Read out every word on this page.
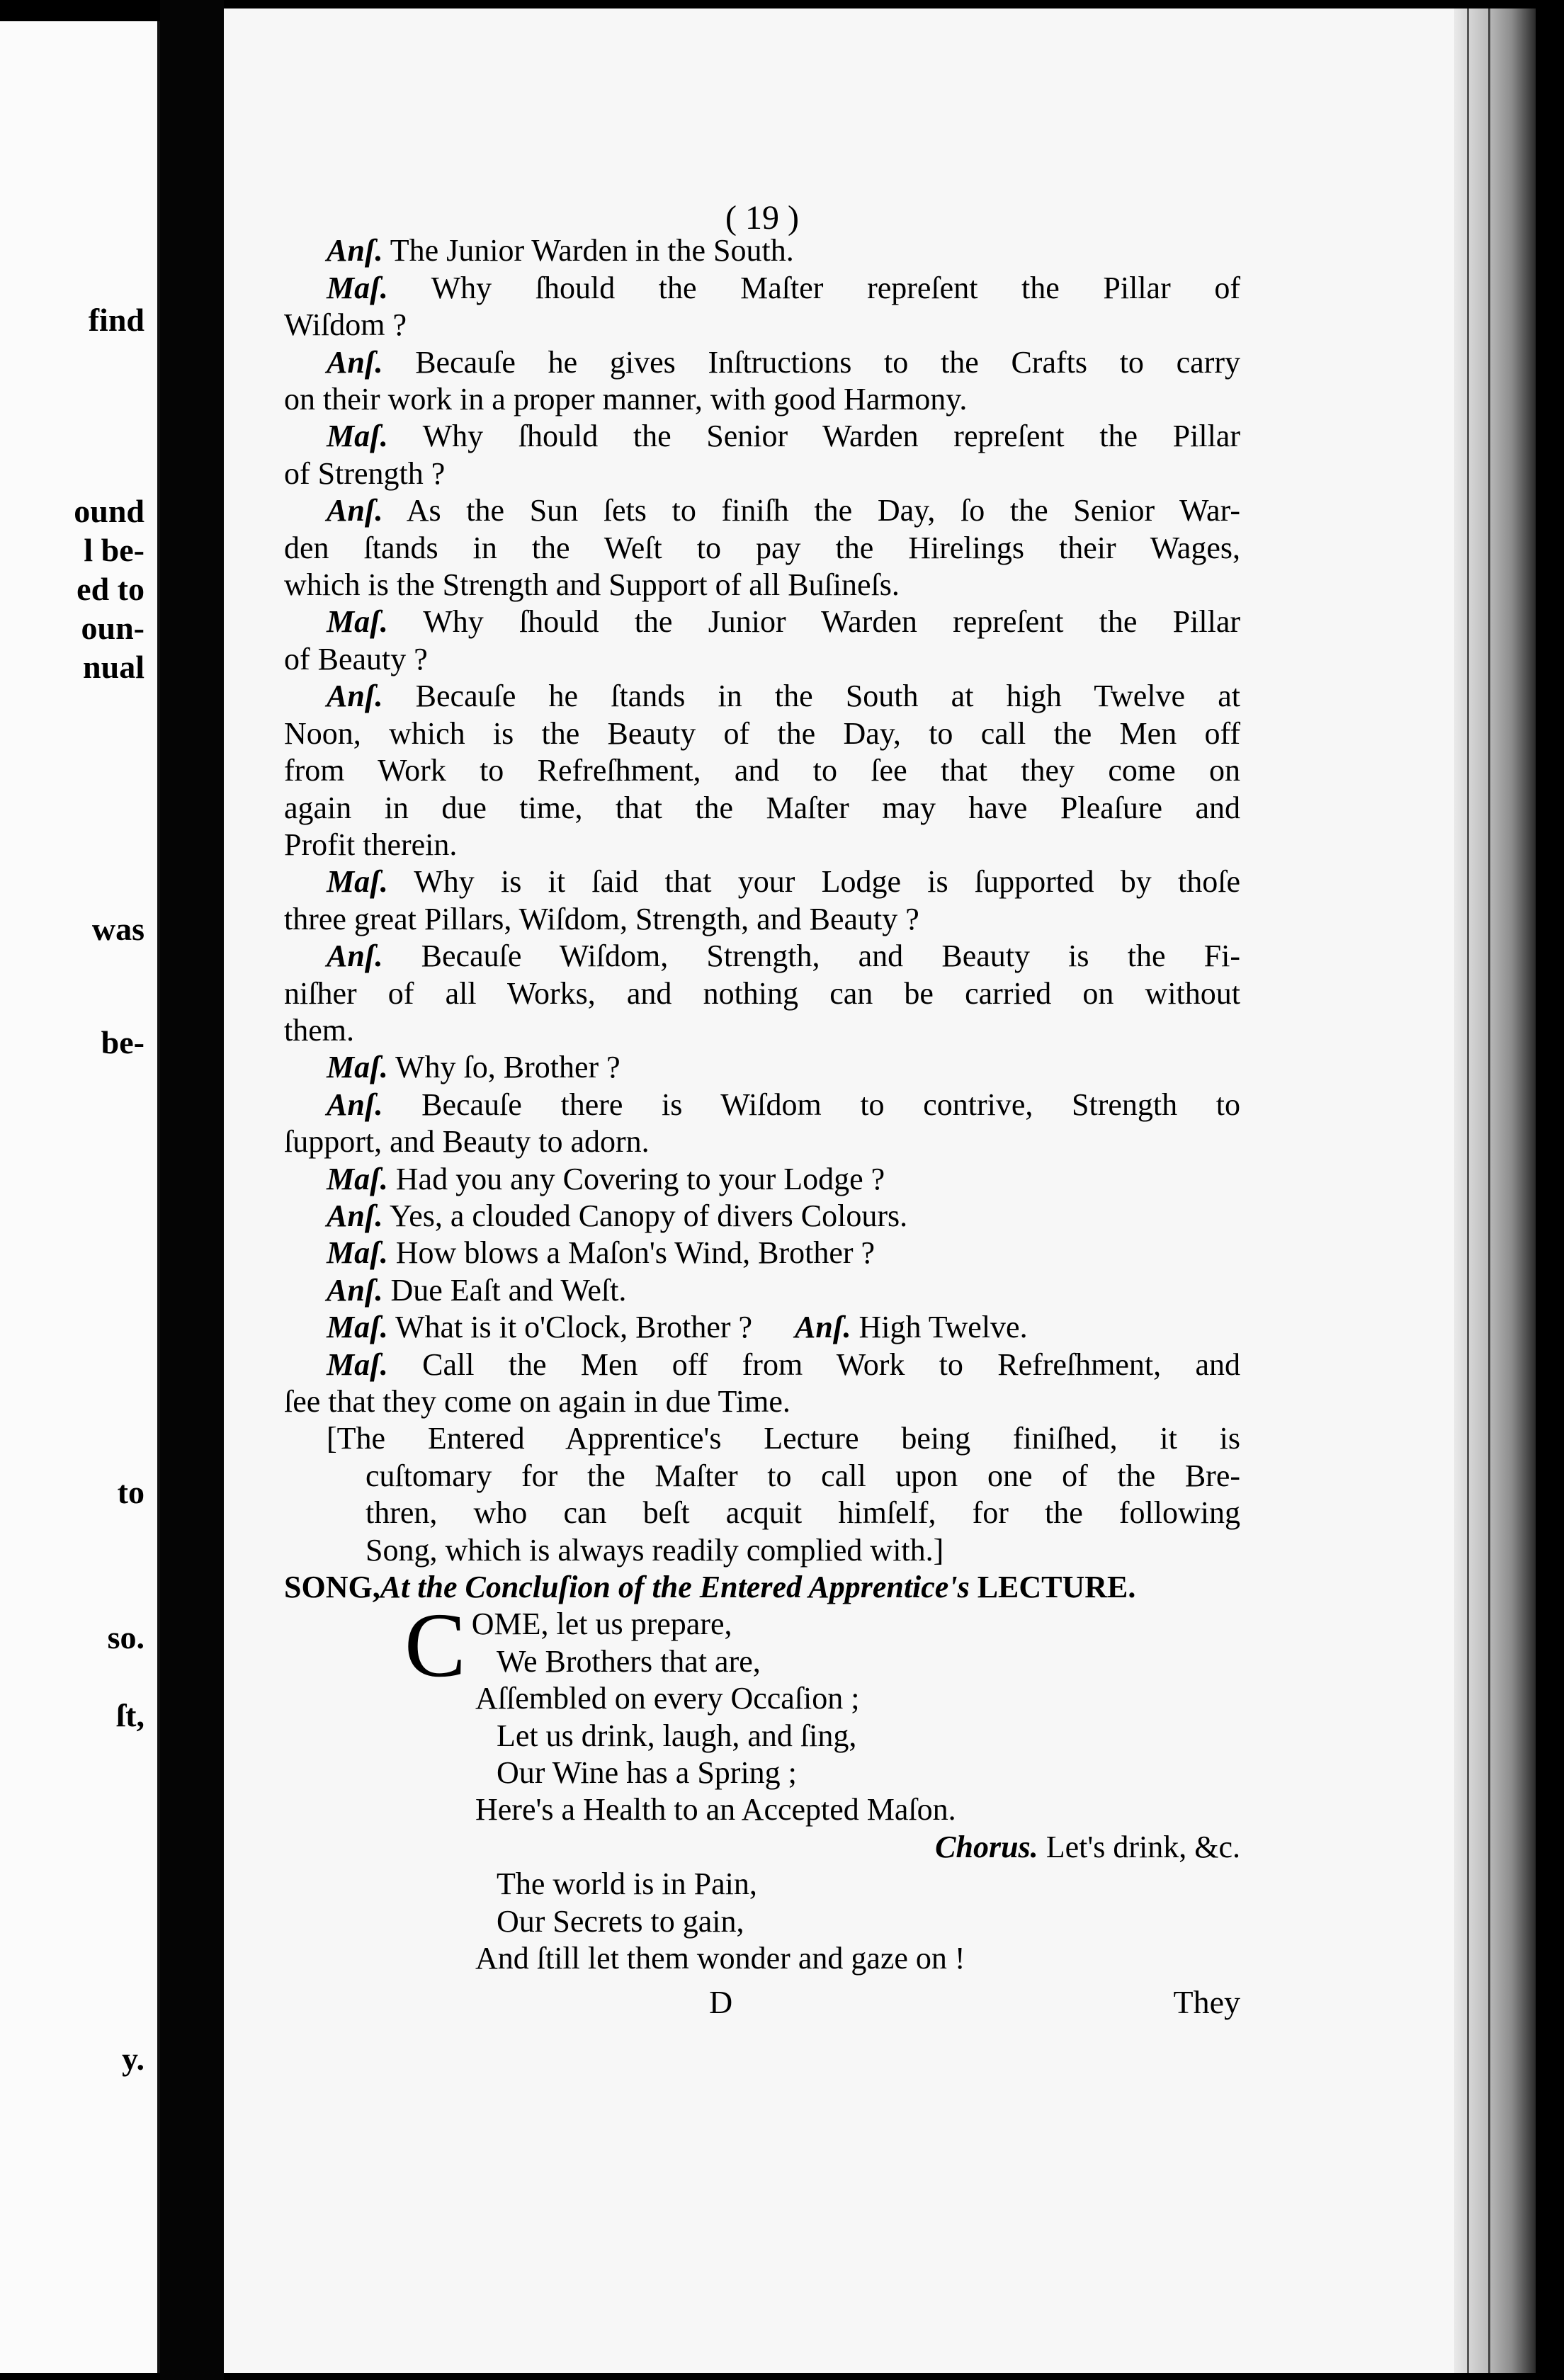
find
ound
l be-
ed to
oun-
nual
was
be-
to
so.
ſt,
y.
( 19 )
Anſ. The Junior Warden in the South.
Maſ. Why ſhould the Maſter repreſent the Pillar of
Wiſdom ?
Anſ. Becauſe he gives Inſtructions to the Crafts to carry
on their work in a proper manner, with good Harmony.
Maſ. Why ſhould the Senior Warden repreſent the Pillar
of Strength ?
Anſ. As the Sun ſets to finiſh the Day, ſo the Senior War-
den ſtands in the Weſt to pay the Hirelings their Wages,
which is the Strength and Support of all Buſineſs.
Maſ. Why ſhould the Junior Warden repreſent the Pillar
of Beauty ?
Anſ. Becauſe he ſtands in the South at high Twelve at
Noon, which is the Beauty of the Day, to call the Men off
from Work to Refreſhment, and to ſee that they come on
again in due time, that the Maſter may have Pleaſure and
Profit therein.
Maſ. Why is it ſaid that your Lodge is ſupported by thoſe
three great Pillars, Wiſdom, Strength, and Beauty ?
Anſ. Becauſe Wiſdom, Strength, and Beauty is the Fi-
niſher of all Works, and nothing can be carried on without
them.
Maſ. Why ſo, Brother ?
Anſ. Becauſe there is Wiſdom to contrive, Strength to
ſupport, and Beauty to adorn.
Maſ. Had you any Covering to your Lodge ?
Anſ. Yes, a clouded Canopy of divers Colours.
Maſ. How blows a Maſon's Wind, Brother ?
Anſ. Due Eaſt and Weſt.
Maſ. What is it o'Clock, Brother ? Anſ. High Twelve.
Maſ. Call the Men off from Work to Refreſhment, and
ſee that they come on again in due Time.
[The Entered Apprentice's Lecture being finiſhed, it is
cuſtomary for the Maſter to call upon one of the Bre-
thren, who can beſt acquit himſelf, for the following
Song, which is always readily complied with.]
SONG,At the Concluſion of the Entered Apprentice's LECTURE.
C OME, let us prepare,
We Brothers that are,
Aſſembled on every Occaſion ;
Let us drink, laugh, and ſing,
Our Wine has a Spring ;
Here's a Health to an Accepted Maſon.
Chorus. Let's drink, &c.
The world is in Pain,
Our Secrets to gain,
And ſtill let them wonder and gaze on !
D	They
